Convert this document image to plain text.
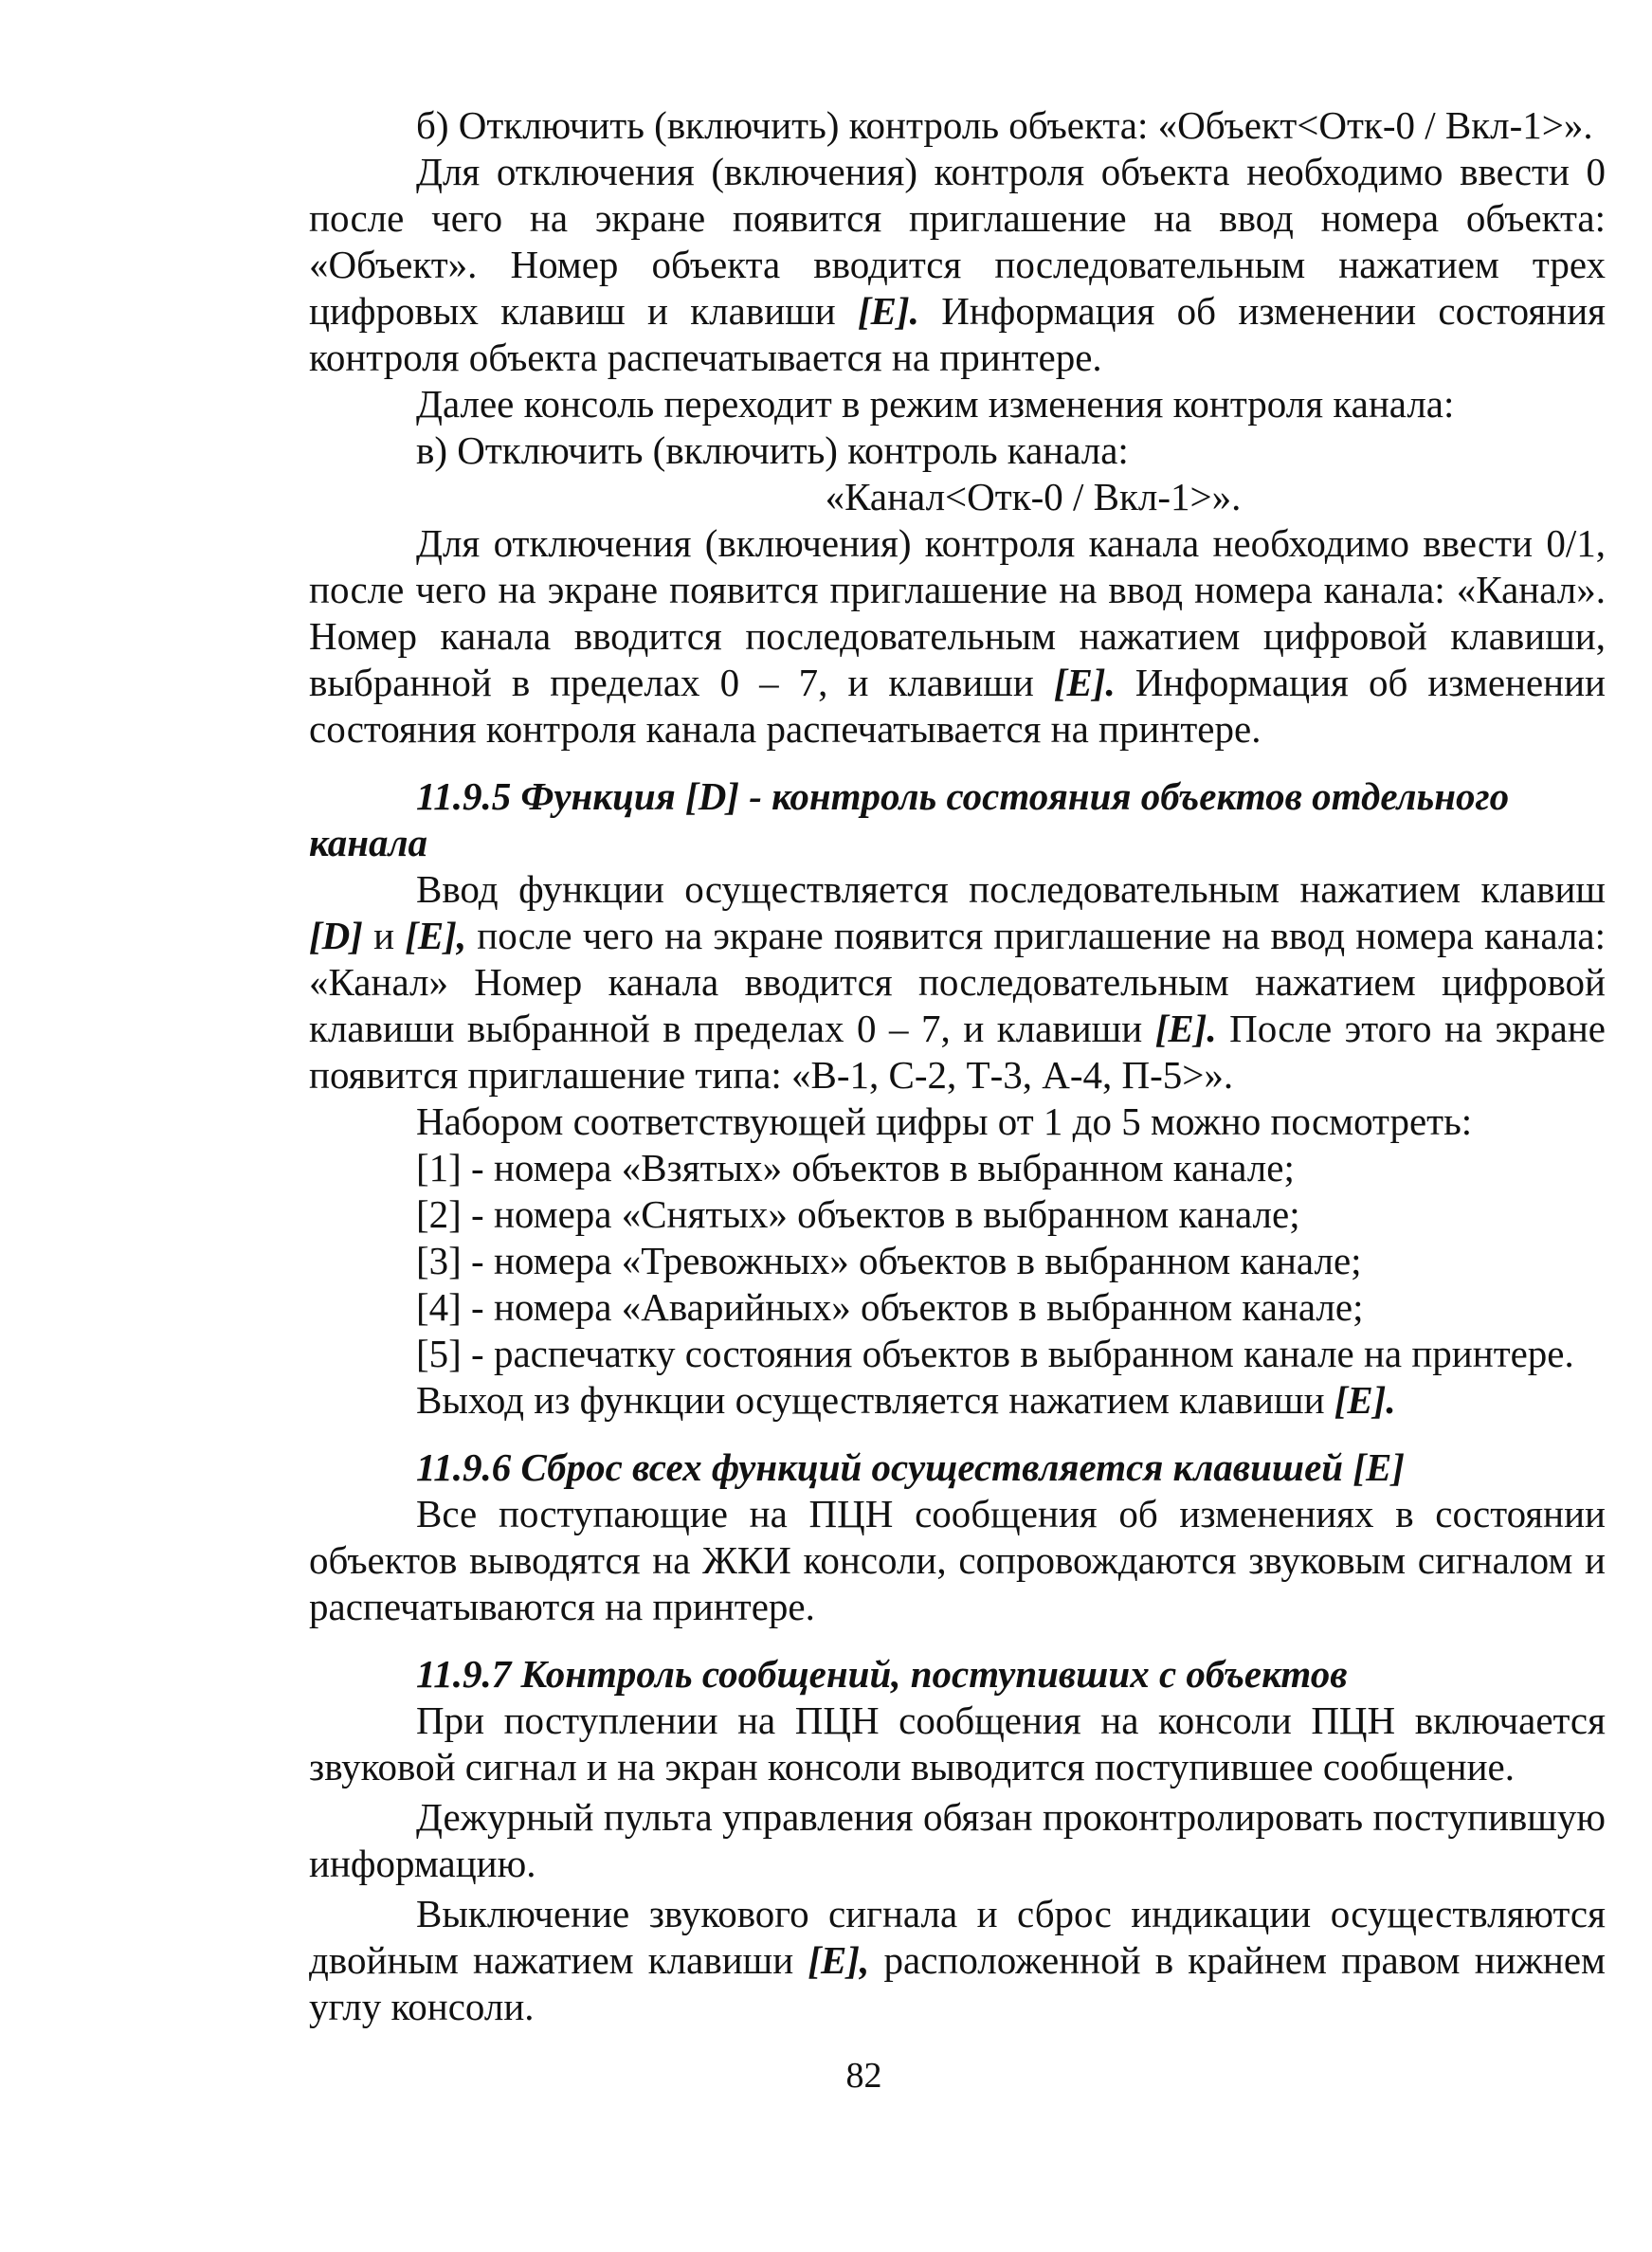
б) Отключить (включить) контроль объекта: «Объект<Отк-0 / Вкл-1>».

Для отключения (включения) контроля объекта необходимо ввести 0 после чего на экране появится приглашение на ввод номера объекта: «Объект». Номер объекта вводится последовательным нажатием трех цифровых клавиш и клавиши [E]. Информация об изменении состояния контроля объекта распечатывается на принтере.

Далее консоль переходит в режим изменения контроля канала:

в) Отключить (включить) контроль канала:

«Канал<Отк-0 / Вкл-1>».

Для отключения (включения) контроля канала необходимо ввести 0/1, после чего на экране появится приглашение на ввод номера канала: «Канал». Номер канала вводится последовательным нажатием цифровой клавиши, выбранной в пределах 0 – 7, и клавиши [E]. Информация об изменении состояния контроля канала распечатывается на принтере.

11.9.5 Функция [D] - контроль состояния объектов отдельного канала

Ввод функции осуществляется последовательным нажатием клавиш [D] и [E], после чего на экране появится приглашение на ввод номера канала: «Канал» Номер канала вводится последовательным нажатием цифровой клавиши выбранной в пределах 0 – 7, и клавиши [E]. После этого на экране появится приглашение типа: «В-1, С-2, Т-3, А-4, П-5>».

Набором соответствующей цифры от 1 до 5 можно посмотреть:

[1] - номера «Взятых» объектов в выбранном канале;
[2] - номера «Снятых» объектов в выбранном канале;
[3] - номера «Тревожных» объектов в выбранном канале;
[4] - номера «Аварийных» объектов в выбранном канале;
[5] - распечатку состояния объектов в выбранном канале на принтере.

Выход из функции осуществляется нажатием клавиши [E].

11.9.6 Сброс всех функций осуществляется клавишей [E]

Все поступающие на ПЦН сообщения об изменениях в состоянии объектов выводятся на ЖКИ консоли, сопровождаются звуковым сигналом и распечатываются на принтере.

11.9.7 Контроль сообщений, поступивших с объектов

При поступлении на ПЦН сообщения на консоли ПЦН включается звуковой сигнал и на экран консоли выводится поступившее сообщение.

Дежурный пульта управления обязан проконтролировать поступившую информацию.

Выключение звукового сигнала и сброс индикации осуществляются двойным нажатием клавиши [E], расположенной в крайнем правом нижнем углу консоли.

82
